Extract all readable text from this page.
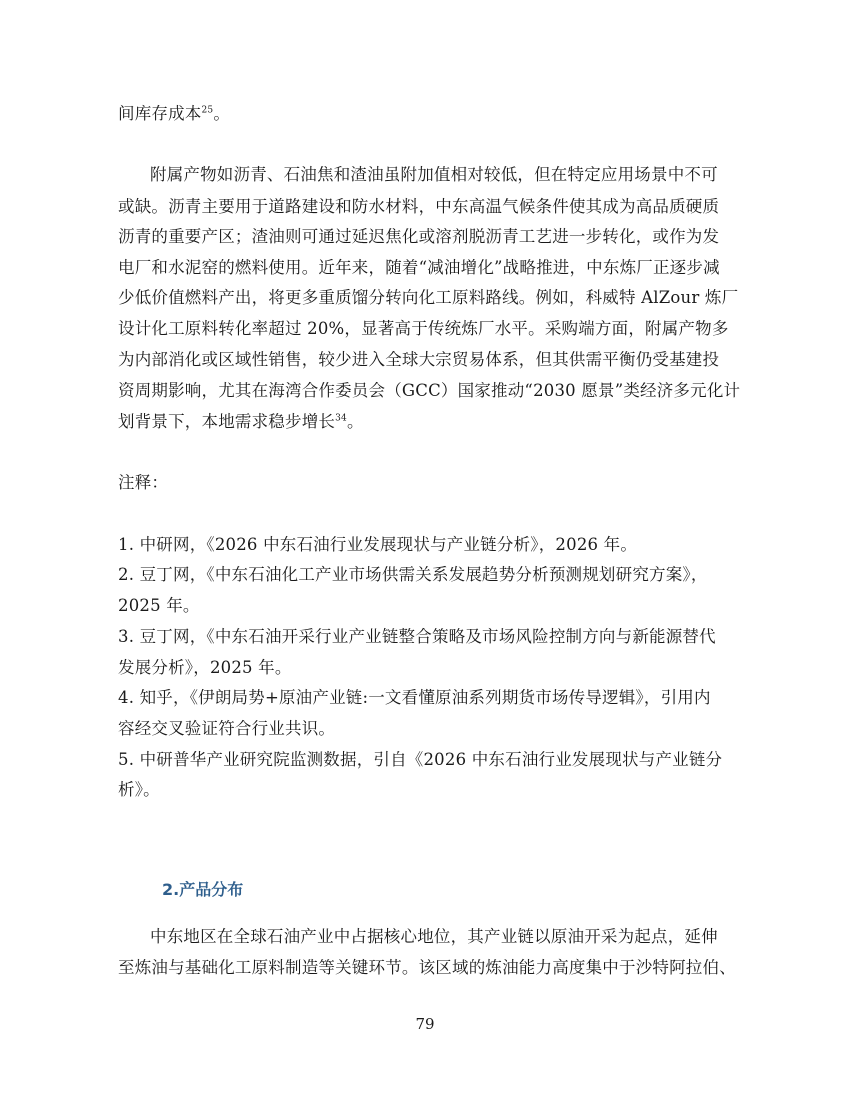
间库存成本$^{25}$。
附属产物如沥青、石油焦和渣油虽附加值相对较低，但在特定应用场景中不可
或缺。沥青主要用于道路建设和防水材料，中东高温气候条件使其成为高品质硬质
沥青的重要产区；渣油则可通过延迟焦化或溶剂脱沥青工艺进一步转化，或作为发
电厂和水泥窑的燃料使用。近年来，随着“减油增化”战略推进，中东炼厂正逐步减
少低价值燃料产出，将更多重质馏分转向化工原料路线。例如，科威特 AlZour 炼厂
设计化工原料转化率超过 20%，显著高于传统炼厂水平。采购端方面，附属产物多
为内部消化或区域性销售，较少进入全球大宗贸易体系，但其供需平衡仍受基建投
资周期影响，尤其在海湾合作委员会（GCC）国家推动“2030 愿景”类经济多元化计
划背景下，本地需求稳步增长$^{34}$。
注释：
1. 中研网，《2026 中东石油行业发展现状与产业链分析》，2026 年。
2. 豆丁网，《中东石油化工产业市场供需关系发展趋势分析预测规划研究方案》，
2025 年。
3. 豆丁网，《中东石油开采行业产业链整合策略及市场风险控制方向与新能源替代
发展分析》，2025 年。
4. 知乎，《伊朗局势+原油产业链:一文看懂原油系列期货市场传导逻辑》，引用内
容经交叉验证符合行业共识。
5. 中研普华产业研究院监测数据，引自《2026 中东石油行业发展现状与产业链分
析》。
2.产品分布
中东地区在全球石油产业中占据核心地位，其产业链以原油开采为起点，延伸
至炼油与基础化工原料制造等关键环节。该区域的炼油能力高度集中于沙特阿拉伯、
79
